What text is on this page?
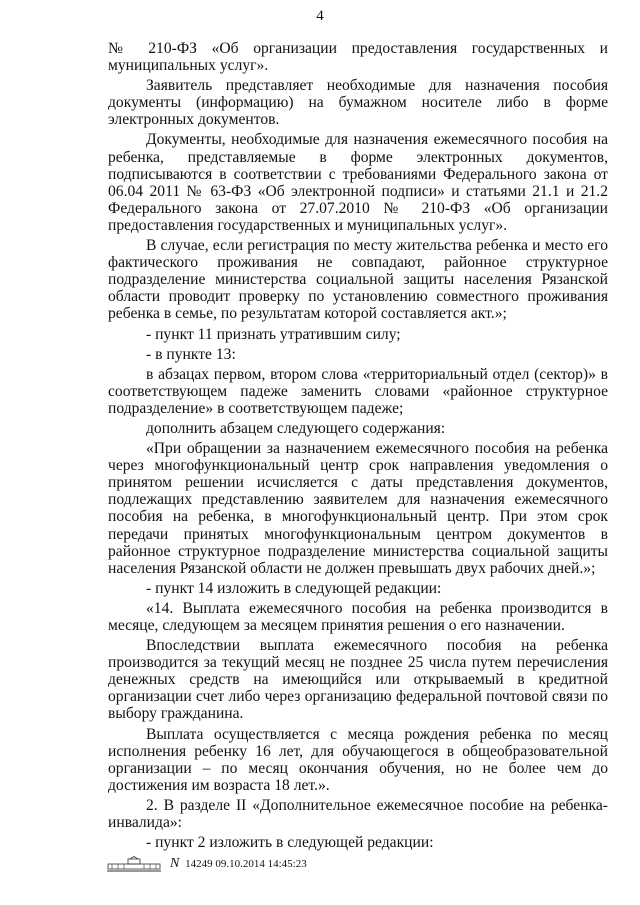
4

№ 210-ФЗ «Об организации предоставления государственных и муниципальных услуг».

Заявитель представляет необходимые для назначения пособия документы (информацию) на бумажном носителе либо в форме электронных документов.

Документы, необходимые для назначения ежемесячного пособия на ребенка, представляемые в форме электронных документов, подписываются в соответствии с требованиями Федерального закона от 06.04 2011 № 63-ФЗ «Об электронной подписи» и статьями 21.1 и 21.2 Федерального закона от 27.07.2010 № 210-ФЗ «Об организации предоставления государственных и муниципальных услуг».

В случае, если регистрация по месту жительства ребенка и место его фактического проживания не совпадают, районное структурное подразделение министерства социальной защиты населения Рязанской области проводит проверку по установлению совместного проживания ребенка в семье, по результатам которой составляется акт.»;

- пункт 11 признать утратившим силу;

- в пункте 13:

в абзацах первом, втором слова «территориальный отдел (сектор)» в соответствующем падеже заменить словами «районное структурное подразделение» в соответствующем падеже;

дополнить абзацем следующего содержания:

«При обращении за назначением ежемесячного пособия на ребенка через многофункциональный центр срок направления уведомления о принятом решении исчисляется с даты представления документов, подлежащих представлению заявителем для назначения ежемесячного пособия на ребенка, в многофункциональный центр. При этом срок передачи принятых многофункциональным центром документов в районное структурное подразделение министерства социальной защиты населения Рязанской области не должен превышать двух рабочих дней.»;

- пункт 14 изложить в следующей редакции:

«14. Выплата ежемесячного пособия на ребенка производится в месяце, следующем за месяцем принятия решения о его назначении.

Впоследствии выплата ежемесячного пособия на ребенка производится за текущий месяц не позднее 25 числа путем перечисления денежных средств на имеющийся или открываемый в кредитной организации счет либо через организацию федеральной почтовой связи по выбору гражданина.

Выплата осуществляется с месяца рождения ребенка по месяц исполнения ребенку 16 лет, для обучающегося в общеобразовательной организации – по месяц окончания обучения, но не более чем до достижения им возраста 18 лет.».

2. В разделе II «Дополнительное ежемесячное пособие на ребенка-инвалида»:

- пункт 2 изложить в следующей редакции:

N 14249 09.10.2014 14:45:23
